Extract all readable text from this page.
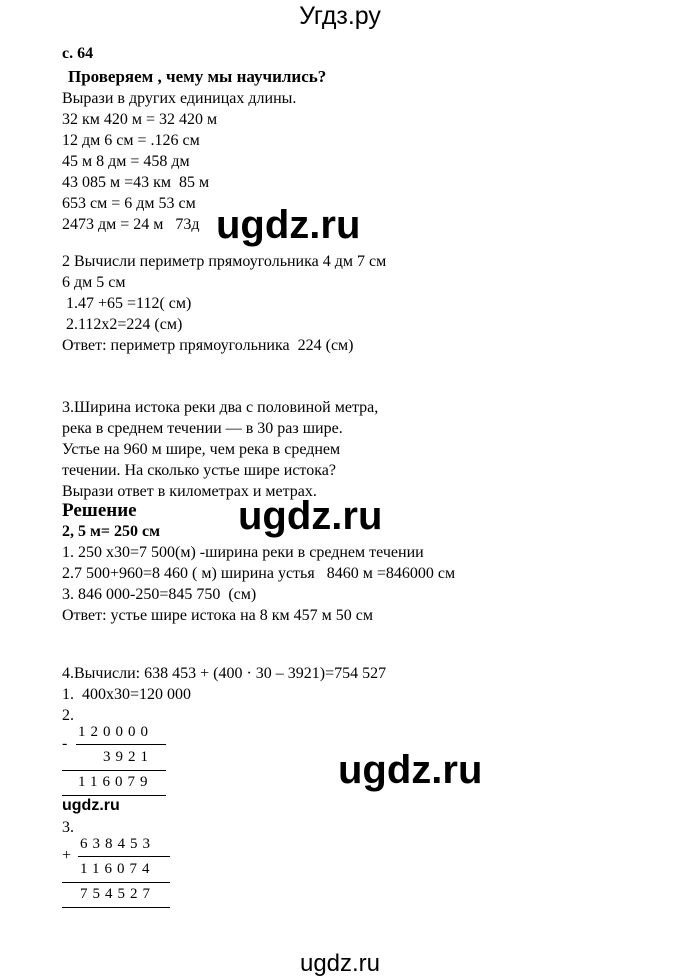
Угдз.ру
с. 64
Проверяем , чему мы научились?
Вырази в других единицах длины.
32 км 420 м = 32 420 м
12 дм 6 см = .126 см
45 м 8 дм = 458 дм
43 085 м =43 км  85 м
653 см = 6 дм 53 см
2473 дм = 24 м   73д ugdz.ru
2 Вычисли периметр прямоугольника 4 дм 7 см
6 дм 5 см
1.47 +65 =112( см)
2.112x2=224 (см)
Ответ: периметр прямоугольника  224 (см)
3.Ширина истока реки два с половиной метра,
река в среднем течении — в 30 раз шире.
Устье на 960 м шире, чем река в среднем
течении. На сколько устье шире истока?
Вырази ответ в километрах и метрах.
Решение
2, 5 м= 250 см ugdz.ru
1. 250 x30=7 500(м) -ширина реки в среднем течении
2.7 500+960=8 460 ( м) ширина устья   8460 м =846000 см
3. 846 000-250=845 750  (см)
Ответ: устье шире истока на 8 км 457 м 50 см
4.Вычисли: 638 453 + (400 · 30 – 3921)=754 527
1.  400x30=120 000
2.
-
120000
3921
116079
ugdz.ru
ugdz.ru
3.
+
638453
116074
754527
ugdz.ru
